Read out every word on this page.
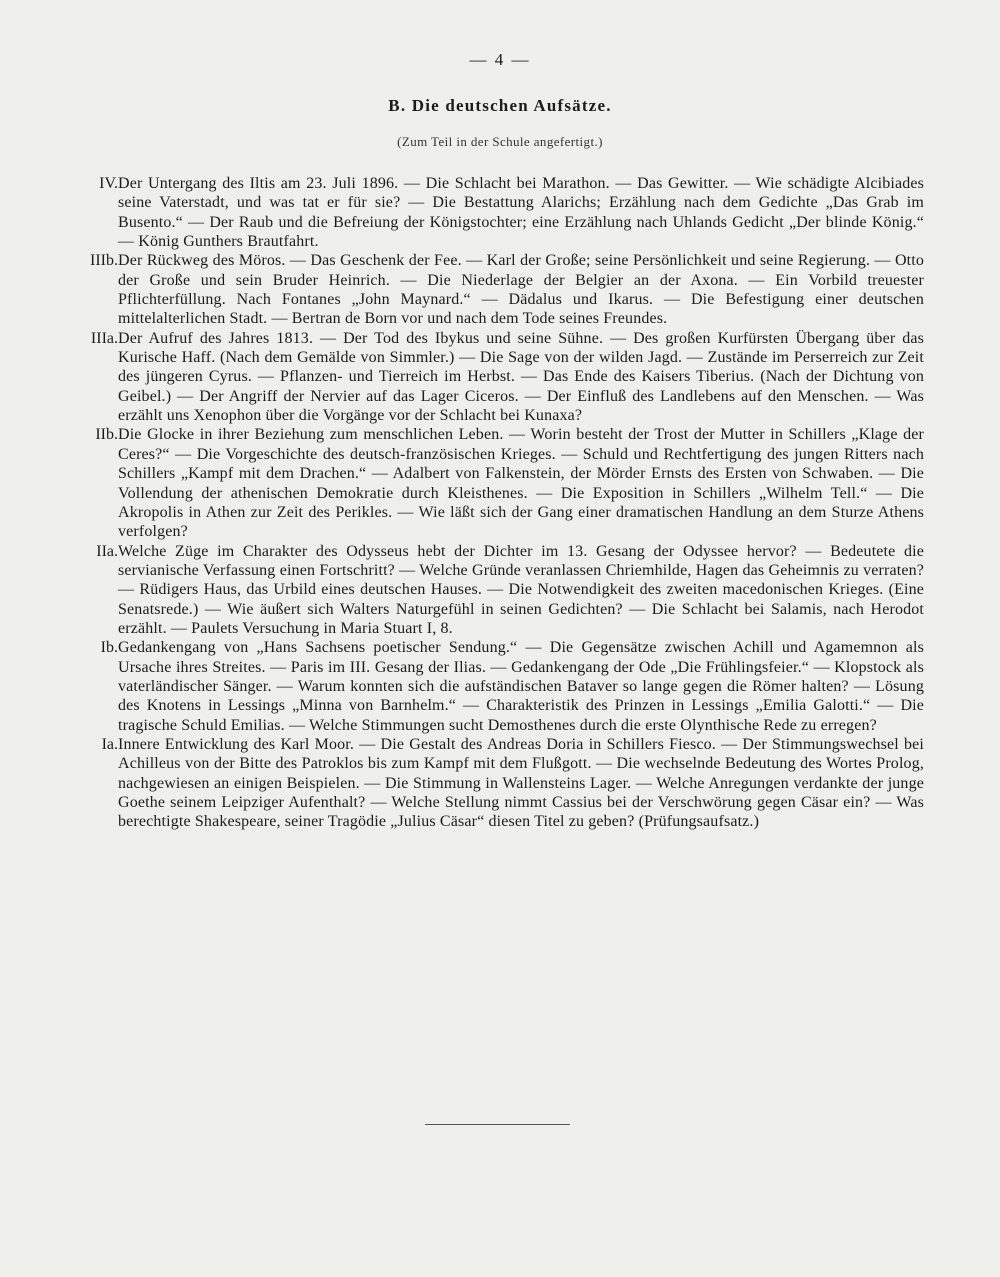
— 4 —
B. Die deutschen Aufsätze.
(Zum Teil in der Schule angefertigt.)
IV. Der Untergang des Iltis am 23. Juli 1896. — Die Schlacht bei Marathon. — Das Gewitter. — Wie schädigte Alcibiades seine Vaterstadt, und was tat er für sie? — Die Bestattung Alarichs; Erzählung nach dem Gedichte „Das Grab im Busento.“ — Der Raub und die Befreiung der Königstochter; eine Erzählung nach Uhlands Gedicht „Der blinde König.“ — König Gunthers Brautfahrt.
IIIb. Der Rückweg des Möros. — Das Geschenk der Fee. — Karl der Große; seine Persönlichkeit und seine Regierung. — Otto der Große und sein Bruder Heinrich. — Die Niederlage der Belgier an der Axona. — Ein Vorbild treuester Pflichterfüllung. Nach Fontanes „John Maynard.“ — Dädalus und Ikarus. — Die Befestigung einer deutschen mittelalterlichen Stadt. — Bertran de Born vor und nach dem Tode seines Freundes.
IIIa. Der Aufruf des Jahres 1813. — Der Tod des Ibykus und seine Sühne. — Des großen Kurfürsten Übergang über das Kurische Haff. (Nach dem Gemälde von Simmler.) — Die Sage von der wilden Jagd. — Zustände im Perserreich zur Zeit des jüngeren Cyrus. — Pflanzen- und Tierreich im Herbst. — Das Ende des Kaisers Tiberius. (Nach der Dichtung von Geibel.) — Der Angriff der Nervier auf das Lager Ciceros. — Der Einfluß des Landlebens auf den Menschen. — Was erzählt uns Xenophon über die Vorgänge vor der Schlacht bei Kunaxa?
IIb. Die Glocke in ihrer Beziehung zum menschlichen Leben. — Worin besteht der Trost der Mutter in Schillers „Klage der Ceres?“ — Die Vorgeschichte des deutsch-französischen Krieges. — Schuld und Rechtfertigung des jungen Ritters nach Schillers „Kampf mit dem Drachen.“ — Adalbert von Falkenstein, der Mörder Ernsts des Ersten von Schwaben. — Die Vollendung der athenischen Demokratie durch Kleisthenes. — Die Exposition in Schillers „Wilhelm Tell.“ — Die Akropolis in Athen zur Zeit des Perikles. — Wie läßt sich der Gang einer dramatischen Handlung an dem Sturze Athens verfolgen?
IIa. Welche Züge im Charakter des Odysseus hebt der Dichter im 13. Gesang der Odyssee hervor? — Bedeutete die servianische Verfassung einen Fortschritt? — Welche Gründe veranlassen Chriemhilde, Hagen das Geheimnis zu verraten? — Rüdigers Haus, das Urbild eines deutschen Hauses. — Die Notwendigkeit des zweiten macedonischen Krieges. (Eine Senatsrede.) — Wie äußert sich Walters Naturgefühl in seinen Gedichten? — Die Schlacht bei Salamis, nach Herodot erzählt. — Paulets Versuchung in Maria Stuart I, 8.
Ib. Gedankengang von „Hans Sachsens poetischer Sendung.“ — Die Gegensätze zwischen Achill und Agamemnon als Ursache ihres Streites. — Paris im III. Gesang der Ilias. — Gedankengang der Ode „Die Frühlingsfeier.“ — Klopstock als vaterländischer Sänger. — Warum konnten sich die aufständischen Bataver so lange gegen die Römer halten? — Lösung des Knotens in Lessings „Minna von Barnhelm.“ — Charakteristik des Prinzen in Lessings „Emilia Galotti.“ — Die tragische Schuld Emilias. — Welche Stimmungen sucht Demosthenes durch die erste Olynthische Rede zu erregen?
Ia. Innere Entwicklung des Karl Moor. — Die Gestalt des Andreas Doria in Schillers Fiesco. — Der Stimmungswechsel bei Achilleus von der Bitte des Patroklos bis zum Kampf mit dem Flußgott. — Die wechselnde Bedeutung des Wortes Prolog, nachgewiesen an einigen Beispielen. — Die Stimmung in Wallensteins Lager. — Welche Anregungen verdankte der junge Goethe seinem Leipziger Aufenthalt? — Welche Stellung nimmt Cassius bei der Verschwörung gegen Cäsar ein? — Was berechtigte Shakespeare, seiner Tragödie „Julius Cäsar“ diesen Titel zu geben? (Prüfungsaufsatz.)
